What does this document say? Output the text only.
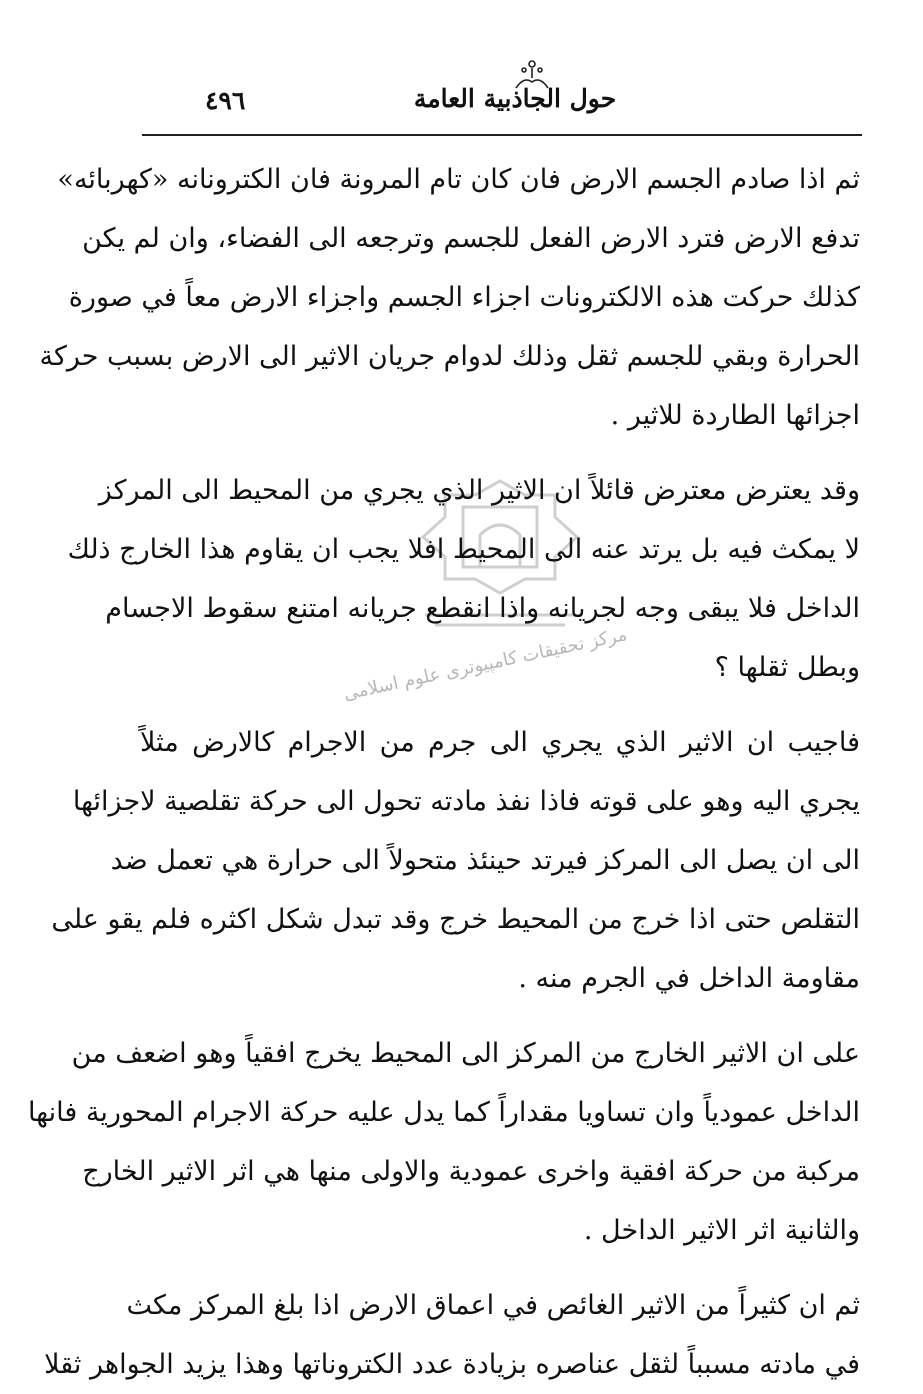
حول الجاذبية العامة
٤٩٦
مركز تحقيقات كامپيوتری علوم اسلامی
ثم اذا صادم الجسم الارض فان كان تام المرونة فان الكترونانه «كهربائه»
تدفع الارض فترد الارض الفعل للجسم وترجعه الى الفضاء، وان لم يكن
كذلك حركت هذه الالكترونات اجزاء الجسم واجزاء الارض معاً في صورة
الحرارة وبقي للجسم ثقل وذلك لدوام جريان الاثير الى الارض بسبب حركة
اجزائها الطاردة للاثير .
وقد يعترض معترض قائلاً ان الاثير الذي يجري من المحيط الى المركز
لا يمكث فيه بل يرتد عنه الى المحيط افلا يجب ان يقاوم هذا الخارج ذلك
الداخل فلا يبقى وجه لجريانه واذا انقطع جريانه امتنع سقوط الاجسام
وبطل ثقلها ؟
فاجيب ان الاثير الذي يجري الى جرم من الاجرام كالارض مثلاً
يجري اليه وهو على قوته فاذا نفذ مادته تحول الى حركة تقلصية لاجزائها
الى ان يصل الى المركز فيرتد حينئذ متحولاً الى حرارة هي تعمل ضد
التقلص حتى اذا خرج من المحيط خرج وقد تبدل شكل اكثره فلم يقو على
مقاومة الداخل في الجرم منه .
على ان الاثير الخارج من المركز الى المحيط يخرج افقياً وهو اضعف من
الداخل عمودياً وان تساويا مقداراً كما يدل عليه حركة الاجرام المحورية فانها
مركبة من حركة افقية واخرى عمودية والاولى منها هي اثر الاثير الخارج
والثانية اثر الاثير الداخل .
ثم ان كثيراً من الاثير الغائص في اعماق الارض اذا بلغ المركز مكث
في مادته مسبباً لثقل عناصره بزيادة عدد الكتروناتها وهذا يزيد الجواهر ثقلا
